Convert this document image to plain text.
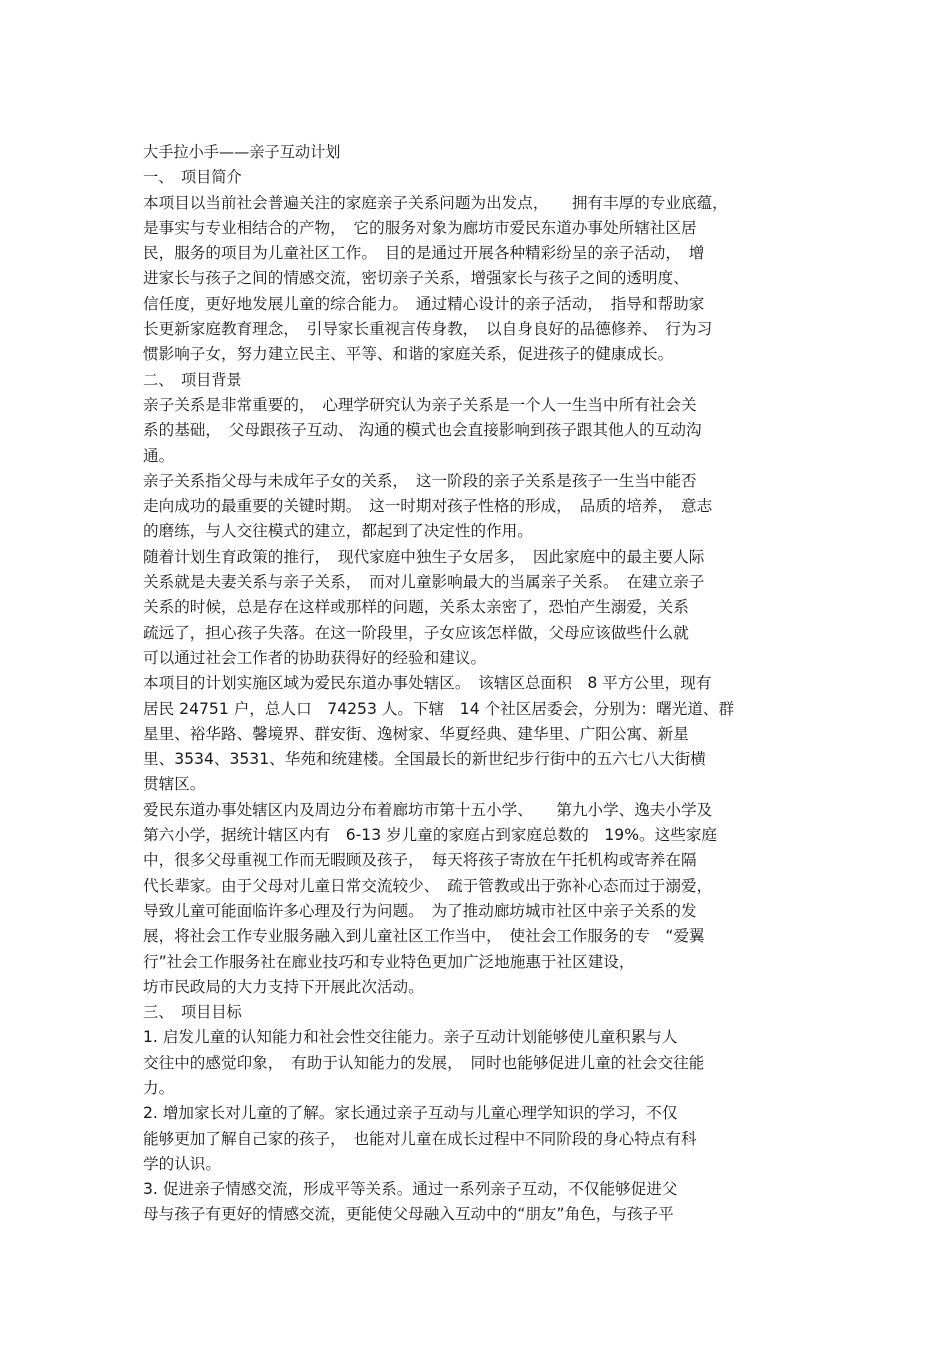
大手拉小手——亲子互动计划
一、　项目简介
本项目以当前社会普遍关注的家庭亲子关系问题为出发点，　　拥有丰厚的专业底蕴，
是事实与专业相结合的产物，　它的服务对象为廊坊市爱民东道办事处所辖社区居
民，服务的项目为儿童社区工作。　目的是通过开展各种精彩纷呈的亲子活动，　增
进家长与孩子之间的情感交流，密切亲子关系，增强家长与孩子之间的透明度、
信任度，更好地发展儿童的综合能力。　通过精心设计的亲子活动，　指导和帮助家
长更新家庭教育理念，　引导家长重视言传身教，　以自身良好的品德修养、　行为习
惯影响子女，努力建立民主、平等、和谐的家庭关系，促进孩子的健康成长。
二、　项目背景
亲子关系是非常重要的，　心理学研究认为亲子关系是一个人一生当中所有社会关
系的基础，　父母跟孩子互动、 沟通的模式也会直接影响到孩子跟其他人的互动沟
通。
亲子关系指父母与未成年子女的关系，　这一阶段的亲子关系是孩子一生当中能否
走向成功的最重要的关键时期。　这一时期对孩子性格的形成，　品质的培养，　意志
的磨练，与人交往模式的建立，都起到了决定性的作用。
随着计划生育政策的推行，　现代家庭中独生子女居多，　因此家庭中的最主要人际
关系就是夫妻关系与亲子关系，　而对儿童影响最大的当属亲子关系。　在建立亲子
关系的时候，总是存在这样或那样的问题，关系太亲密了，恐怕产生溺爱，关系
疏远了，担心孩子失落。在这一阶段里，子女应该怎样做，父母应该做些什么就
可以通过社会工作者的协助获得好的经验和建议。
本项目的计划实施区域为爱民东道办事处辖区。　该辖区总面积　8 平方公里，现有
居民 24751 户，总人口　74253 人。下辖　14 个社区居委会，分别为：曙光道、群
星里、裕华路、馨境界、群安街、逸树家、华夏经典、建华里、广阳公寓、新星
里、3534、3531、华苑和统建楼。全国最长的新世纪步行街中的五六七八大街横
贯辖区。
爱民东道办事处辖区内及周边分布着廊坊市第十五小学、　　第九小学、逸夫小学及
第六小学，据统计辖区内有　6-13 岁儿童的家庭占到家庭总数的　19%。这些家庭
中，很多父母重视工作而无暇顾及孩子，　每天将孩子寄放在午托机构或寄养在隔
代长辈家。由于父母对儿童日常交流较少、　疏于管教或出于弥补心态而过于溺爱，
导致儿童可能面临许多心理及行为问题。　为了推动廊坊城市社区中亲子关系的发
展，将社会工作专业服务融入到儿童社区工作当中，　使社会工作服务的专　“爱翼
行”社会工作服务社在廊业技巧和专业特色更加广泛地施惠于社区建设，
坊市民政局的大力支持下开展此次活动。
三、　项目目标
1. 启发儿童的认知能力和社会性交往能力。亲子互动计划能够使儿童积累与人
交往中的感觉印象，　有助于认知能力的发展，　同时也能够促进儿童的社会交往能
力。
2. 增加家长对儿童的了解。家长通过亲子互动与儿童心理学知识的学习，不仅
能够更加了解自己家的孩子，　也能对儿童在成长过程中不同阶段的身心特点有科
学的认识。
3. 促进亲子情感交流，形成平等关系。通过一系列亲子互动，不仅能够促进父
母与孩子有更好的情感交流，更能使父母融入互动中的“朋友”角色，与孩子平
